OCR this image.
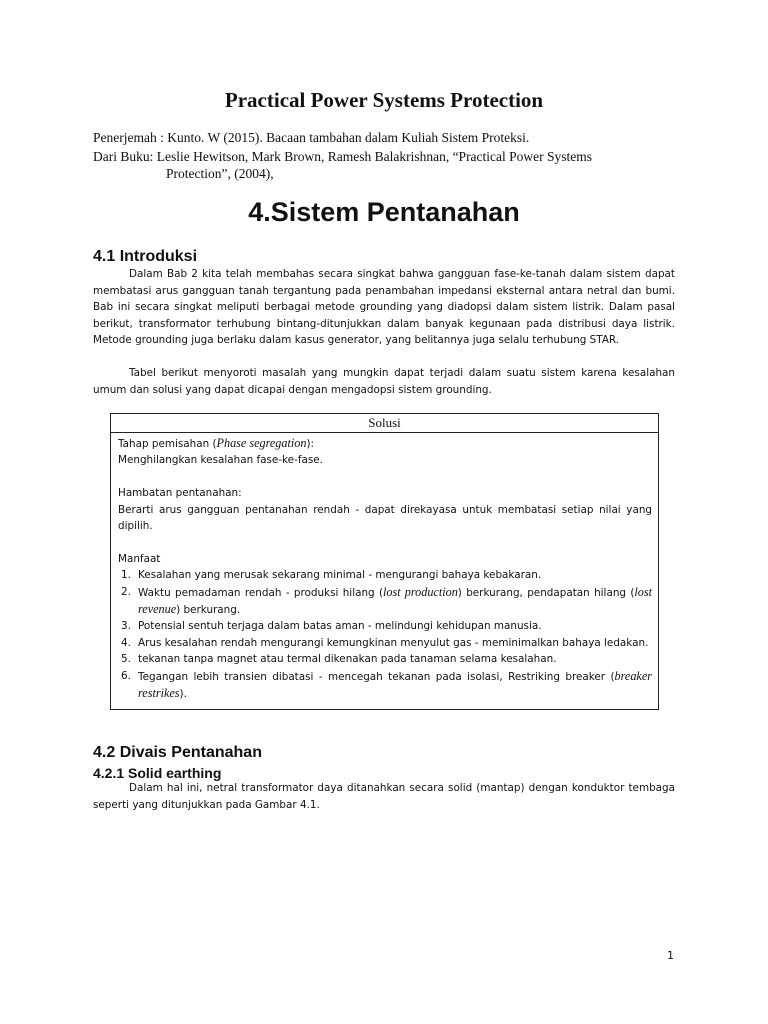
Practical Power Systems Protection
Penerjemah : Kunto. W (2015). Bacaan tambahan dalam Kuliah Sistem Proteksi.
Dari Buku: Leslie Hewitson, Mark Brown, Ramesh Balakrishnan, “Practical Power Systems
Protection”, (2004),
4.Sistem Pentanahan
4.1 Introduksi
Dalam Bab 2 kita telah membahas secara singkat bahwa gangguan fase-ke-tanah dalam sistem dapat membatasi arus gangguan tanah tergantung pada penambahan impedansi eksternal antara netral dan bumi. Bab ini secara singkat meliputi berbagai metode grounding yang diadopsi dalam sistem listrik. Dalam pasal berikut, transformator terhubung bintang-ditunjukkan dalam banyak kegunaan pada distribusi daya listrik. Metode grounding juga berlaku dalam kasus generator, yang belitannya juga selalu terhubung STAR.
Tabel berikut menyoroti masalah yang mungkin dapat terjadi dalam suatu sistem karena kesalahan umum dan solusi yang dapat dicapai dengan mengadopsi sistem grounding.
Solusi

Tahap pemisahan (Phase segregation):

Menghilangkan kesalahan fase-ke-fase.

Hambatan pentanahan:

Berarti arus gangguan pentanahan rendah - dapat direkayasa untuk membatasi setiap nilai yang dipilih.

Manfaat

1. Kesalahan yang merusak sekarang minimal - mengurangi bahaya kebakaran.
2. Waktu pemadaman rendah - produksi hilang (lost production) berkurang, pendapatan hilang (lost revenue) berkurang.
3. Potensial sentuh terjaga dalam batas aman - melindungi kehidupan manusia.
4. Arus kesalahan rendah mengurangi kemungkinan menyulut gas - meminimalkan bahaya ledakan.
5. tekanan tanpa magnet atau termal dikenakan pada tanaman selama kesalahan.
6. Tegangan lebih transien dibatasi - mencegah tekanan pada isolasi, Restriking breaker (breaker restrikes).
4.2 Divais Pentanahan
4.2.1 Solid earthing
Dalam hal ini, netral transformator daya ditanahkan secara solid (mantap) dengan konduktor tembaga seperti yang ditunjukkan pada Gambar 4.1.
1
